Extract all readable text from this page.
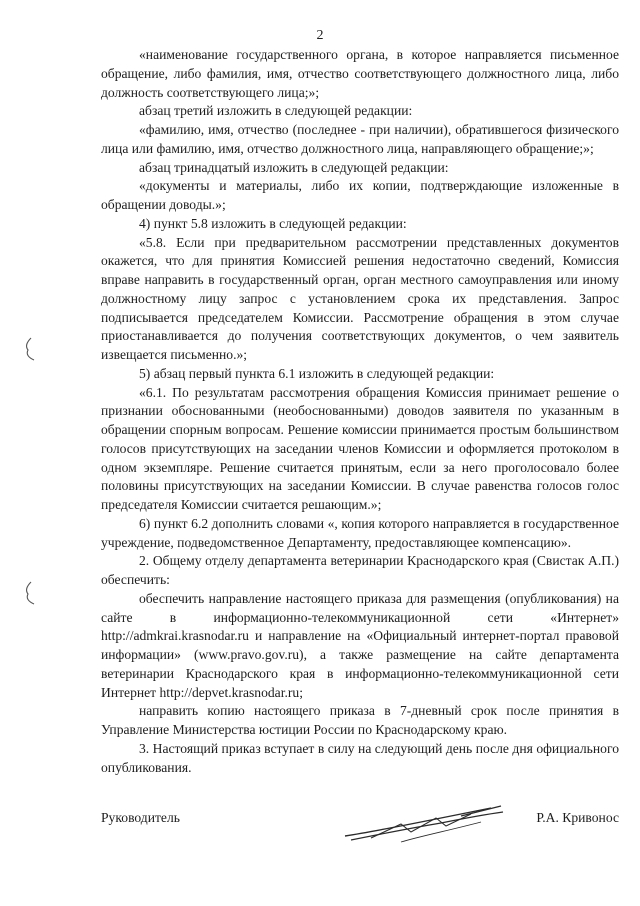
2

«наименование государственного органа, в которое направляется письменное обращение, либо фамилия, имя, отчество соответствующего должностного лица, либо должность соответствующего лица;»;

абзац третий изложить в следующей редакции:

«фамилию, имя, отчество (последнее - при наличии), обратившегося физического лица или фамилию, имя, отчество должностного лица, направляющего обращение;»;

абзац тринадцатый изложить в следующей редакции:

«документы и материалы, либо их копии, подтверждающие изложенные в обращении доводы.»;

4) пункт 5.8 изложить в следующей редакции:

«5.8. Если при предварительном рассмотрении представленных документов окажется, что для принятия Комиссией решения недостаточно сведений, Комиссия вправе направить в государственный орган, орган местного самоуправления или иному должностному лицу запрос с установлением срока их представления. Запрос подписывается председателем Комиссии. Рассмотрение обращения в этом случае приостанавливается до получения соответствующих документов, о чем заявитель извещается письменно.»;

5) абзац первый пункта 6.1 изложить в следующей редакции:

«6.1. По результатам рассмотрения обращения Комиссия принимает решение о признании обоснованными (необоснованными) доводов заявителя по указанным в обращении спорным вопросам. Решение комиссии принимается простым большинством голосов присутствующих на заседании членов Комиссии и оформляется протоколом в одном экземпляре. Решение считается принятым, если за него проголосовало более половины присутствующих на заседании Комиссии. В случае равенства голосов голос председателя Комиссии считается решающим.»;

6) пункт 6.2 дополнить словами «, копия которого направляется в государственное учреждение, подведомственное Департаменту, предоставляющее компенсацию».

2. Общему отделу департамента ветеринарии Краснодарского края (Свистак А.П.) обеспечить:

обеспечить направление настоящего приказа для размещения (опубликования) на сайте в информационно-телекоммуникационной сети «Интернет» http://admkrai.krasnodar.ru и направление на «Официальный интернет-портал правовой информации» (www.pravo.gov.ru), а также размещение на сайте департамента ветеринарии Краснодарского края в информационно-телекоммуникационной сети Интернет http://depvet.krasnodar.ru;

направить копию настоящего приказа в 7-дневный срок после принятия в Управление Министерства юстиции России по Краснодарскому краю.

3. Настоящий приказ вступает в силу на следующий день после дня официального опубликования.

Руководитель	Р.А. Кривонос
